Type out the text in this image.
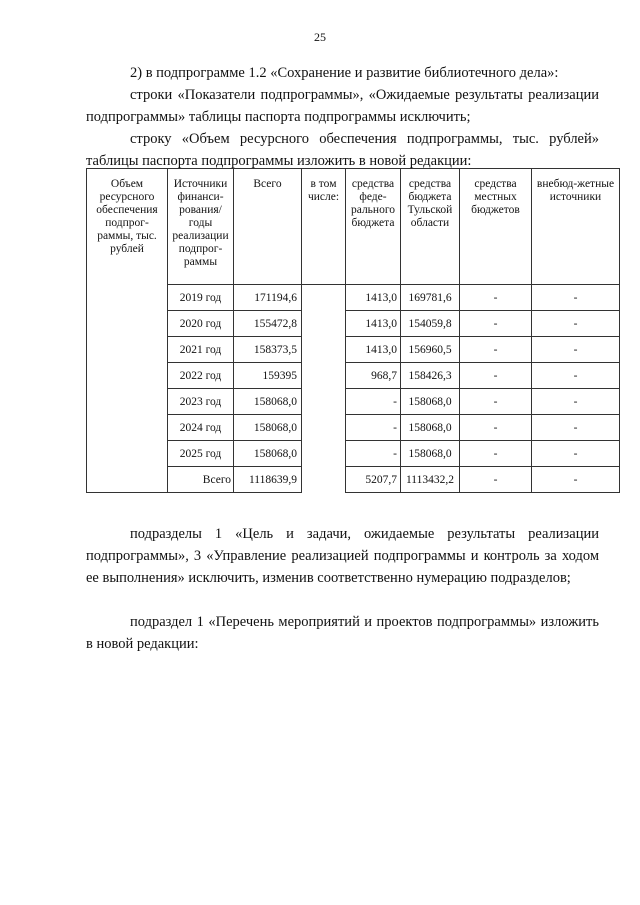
25

2) в подпрограмме 1.2 «Сохранение и развитие библиотечного дела»:

строки «Показатели подпрограммы», «Ожидаемые результаты реализации подпрограммы» таблицы паспорта подпрограммы исключить;

строку «Объем ресурсного обеспечения подпрограммы, тыс. рублей» таблицы паспорта подпрограммы изложить в новой редакции:

Объем ресурсного обеспечения подпрог-раммы, тыс. рублей	Источники финанси-рования/ годы реализации подпрог-раммы	Всего	в том числе:	средства феде-рального бюджета	средства бюджета Тульской области	средства местных бюджетов	внебюд-жетные источники
	2019 год	171194,6		1413,0	169781,6	-	-
	2020 год	155472,8		1413,0	154059,8	-	-
	2021 год	158373,5		1413,0	156960,5	-	-
	2022 год	159395		968,7	158426,3	-	-
	2023 год	158068,0		-	158068,0	-	-
	2024 год	158068,0		-	158068,0	-	-
	2025 год	158068,0		-	158068,0	-	-
	Всего	1118639,9		5207,7	1113432,2	-	-

подразделы 1 «Цель и задачи, ожидаемые результаты реализации подпрограммы», 3 «Управление реализацией подпрограммы и контроль за ходом ее выполнения» исключить, изменив соответственно нумерацию подразделов;

подраздел 1 «Перечень мероприятий и проектов подпрограммы» изложить в новой редакции:
